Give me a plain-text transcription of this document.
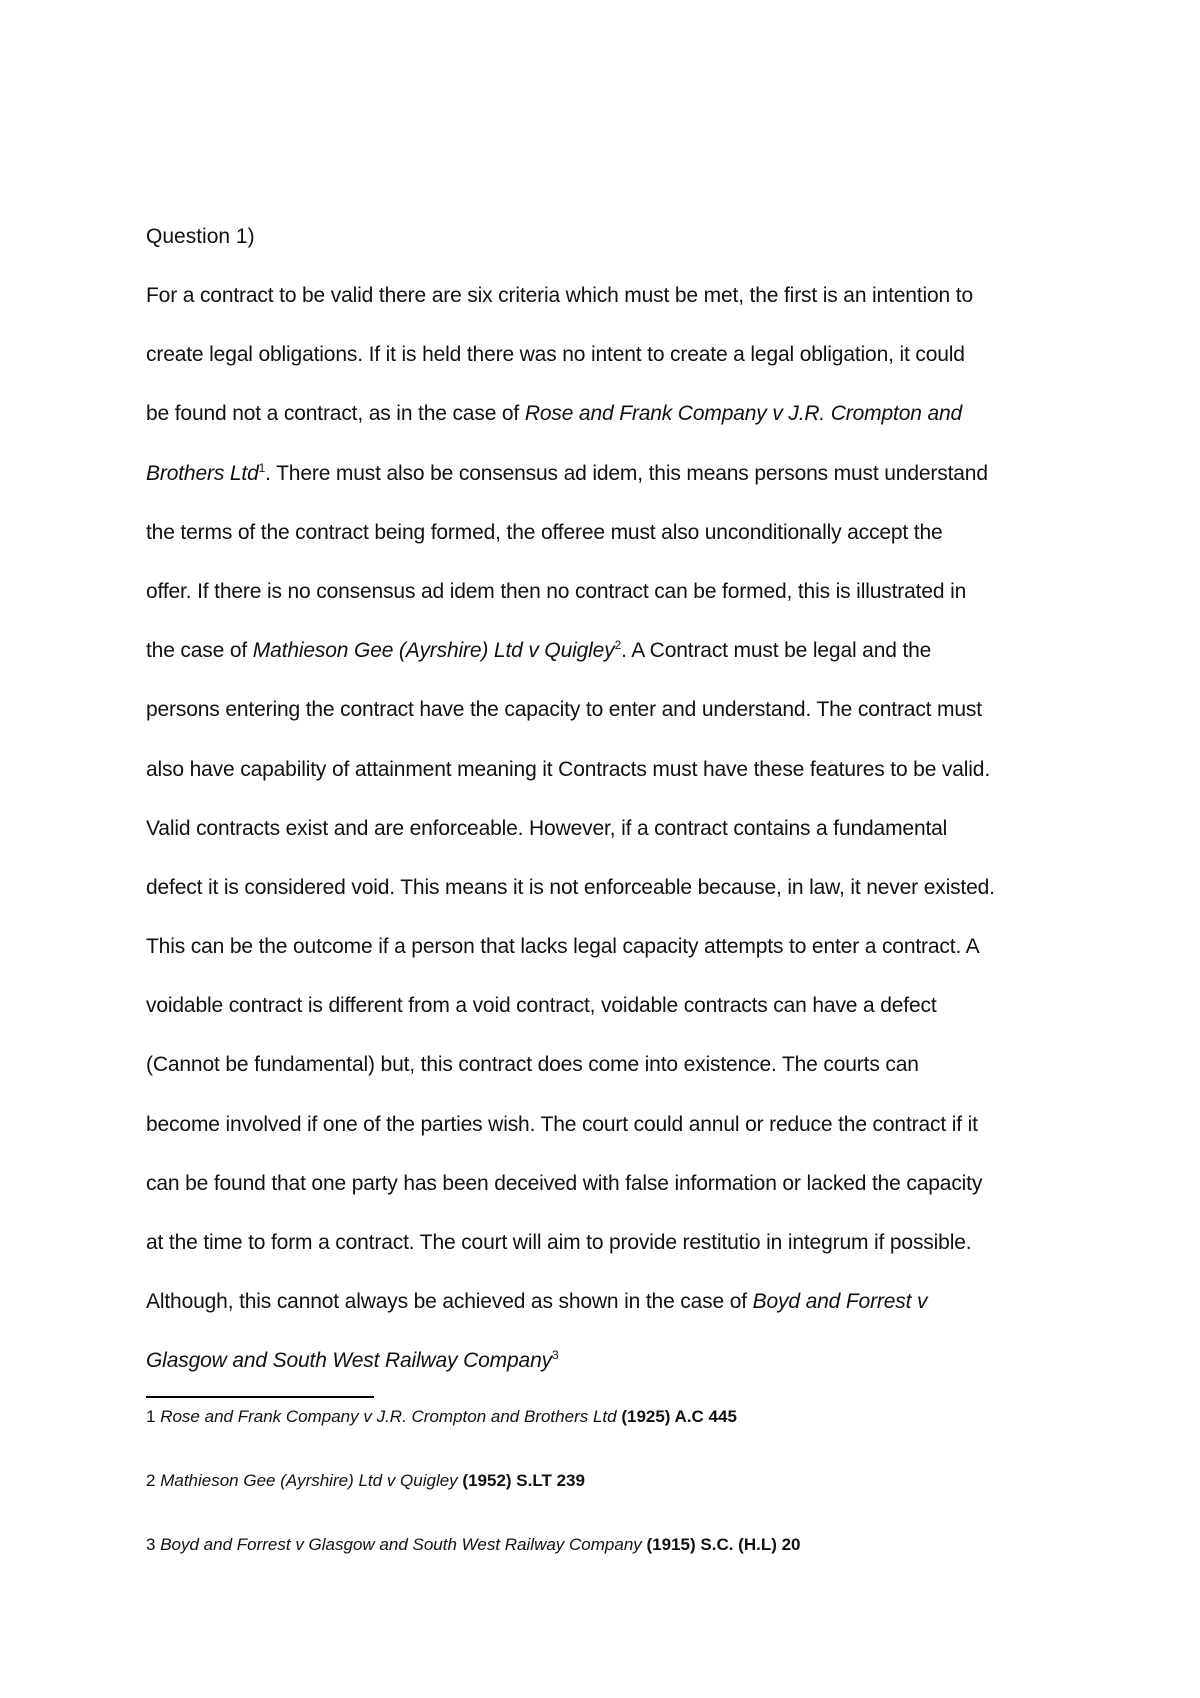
Question 1)
For a contract to be valid there are six criteria which must be met, the first is an intention to
create legal obligations. If it is held there was no intent to create a legal obligation, it could
be found not a contract, as in the case of Rose and Frank Company v J.R. Crompton and
Brothers Ltd$^1$. There must also be consensus ad idem, this means persons must understand
the terms of the contract being formed, the offeree must also unconditionally accept the
offer. If there is no consensus ad idem then no contract can be formed, this is illustrated in
the case of Mathieson Gee (Ayrshire) Ltd v Quigley$^2$. A Contract must be legal and the
persons entering the contract have the capacity to enter and understand. The contract must
also have capability of attainment meaning it Contracts must have these features to be valid.
Valid contracts exist and are enforceable. However, if a contract contains a fundamental
defect it is considered void. This means it is not enforceable because, in law, it never existed.
This can be the outcome if a person that lacks legal capacity attempts to enter a contract. A
voidable contract is different from a void contract, voidable contracts can have a defect
(Cannot be fundamental) but, this contract does come into existence. The courts can
become involved if one of the parties wish. The court could annul or reduce the contract if it
can be found that one party has been deceived with false information or lacked the capacity
at the time to form a contract. The court will aim to provide restitutio in integrum if possible.
Although, this cannot always be achieved as shown in the case of Boyd and Forrest v
Glasgow and South West Railway Company$^3$
1 Rose and Frank Company v J.R. Crompton and Brothers Ltd (1925) A.C 445
2 Mathieson Gee (Ayrshire) Ltd v Quigley (1952) S.LT 239
3 Boyd and Forrest v Glasgow and South West Railway Company (1915) S.C. (H.L) 20
